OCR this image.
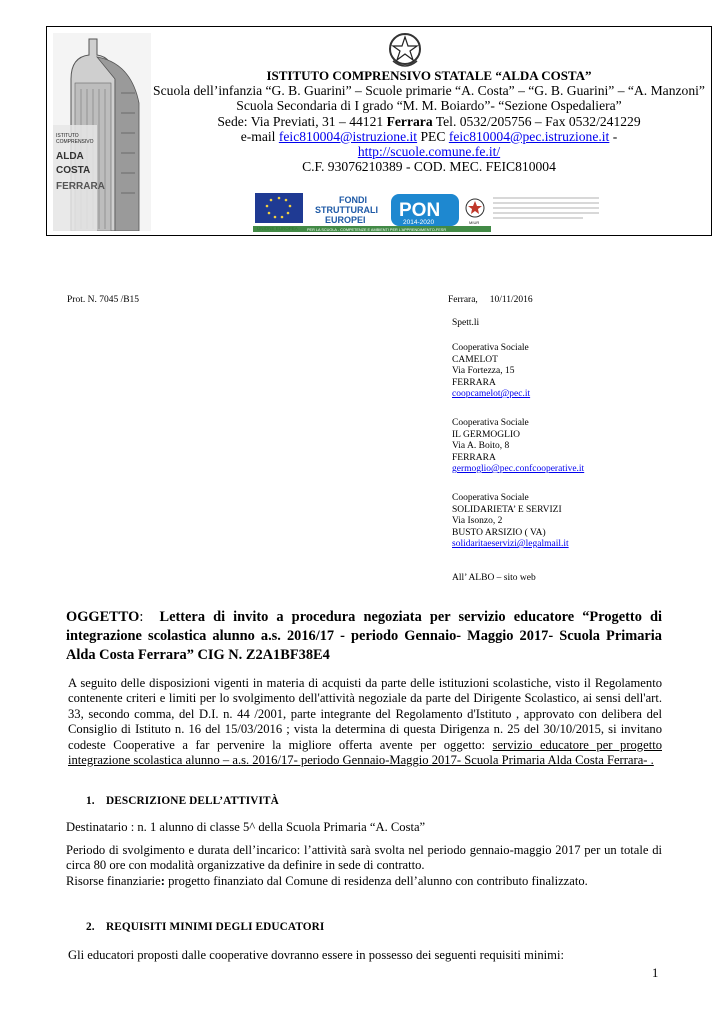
ISTITUTO
COMPRENSIVO
ALDA
COSTA
FERRARA
ISTITUTO COMPRENSIVO STATALE “ALDA COSTA”
Scuola dell’infanzia “G. B. Guarini” – Scuole primarie “A. Costa” – “G. B. Guarini” – “A. Manzoni”
Scuola Secondaria di I grado “M. M. Boiardo”- “Sezione Ospedaliera”
Sede: Via Previati, 31 – 44121 Ferrara Tel. 0532/205756 – Fax 0532/241229
e-mail feic810004@istruzione.it PEC feic810004@pec.istruzione.it -
http://scuole.comune.fe.it/
C.F. 93076210389 - COD. MEC. FEIC810004
FONDI
STRUTTURALI
EUROPEI PON
2014-2020
PER LA SCUOLA - COMPETENZE E AMBIENTI PER L'APPRENDIMENTO-FESR
MIUR
Prot. N. 7045 /B15	Ferrara, 10/11/2016
Spett.li
Cooperativa Sociale
CAMELOT
Via Fortezza, 15
FERRARA
coopcamelot@pec.it
Cooperativa Sociale
IL GERMOGLIO
Via A. Boito, 8
FERRARA
germoglio@pec.confcooperative.it
Cooperativa Sociale
SOLIDARIETA’ E SERVIZI
Via Isonzo, 2
BUSTO ARSIZIO ( VA)
solidaritaeservizi@legalmail.it
All’ ALBO – sito web
OGGETTO:  Lettera di invito a procedura negoziata per servizio educatore “Progetto di integrazione scolastica alunno a.s. 2016/17 - periodo Gennaio- Maggio 2017- Scuola Primaria Alda Costa Ferrara” CIG N. Z2A1BF38E4
A seguito delle disposizioni vigenti in materia di acquisti da parte delle istituzioni scolastiche, visto il Regolamento contenente criteri e limiti per lo svolgimento dell'attività negoziale da parte del Dirigente Scolastico, ai sensi dell'art. 33, secondo comma, del D.I. n. 44 /2001, parte integrante del Regolamento d'Istituto , approvato con delibera del Consiglio di Istituto n. 16 del 15/03/2016 ; vista la determina di questa Dirigenza n. 25 del 30/10/2015, si invitano codeste Cooperative a far pervenire la migliore offerta avente per oggetto: servizio educatore per progetto integrazione scolastica alunno – a.s. 2016/17- periodo Gennaio-Maggio 2017- Scuola Primaria Alda Costa Ferrara- .
1. DESCRIZIONE DELL’ATTIVITÀ
Destinatario : n. 1 alunno di classe 5^ della Scuola Primaria “A. Costa”
Periodo di svolgimento e durata dell’incarico: l’attività sarà svolta nel periodo gennaio-maggio 2017 per un totale di circa 80 ore con modalità organizzative da definire in sede di contratto.
Risorse finanziarie: progetto finanziato dal Comune di residenza dell’alunno con contributo finalizzato.
2. REQUISITI MINIMI DEGLI EDUCATORI
Gli educatori proposti dalle cooperative dovranno essere in possesso dei seguenti requisiti minimi:
1
